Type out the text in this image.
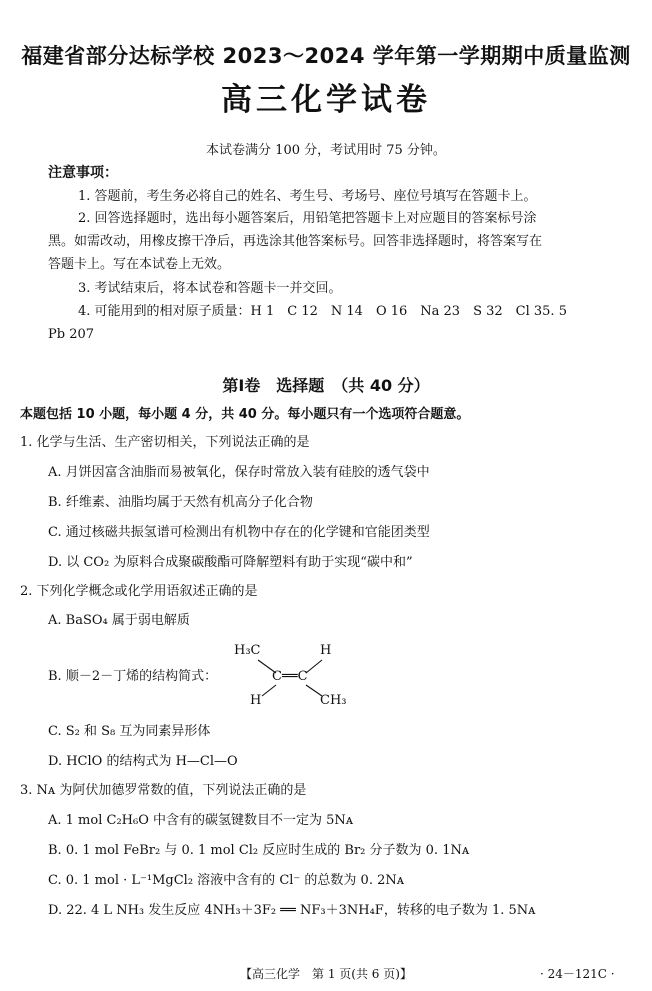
福建省部分达标学校 2023～2024 学年第一学期期中质量监测
高三化学试卷
本试卷满分 100 分，考试用时 75 分钟。
注意事项：
1. 答题前，考生务必将自己的姓名、考生号、考场号、座位号填写在答题卡上。
2. 回答选择题时，选出每小题答案后，用铅笔把答题卡上对应题目的答案标号涂
黑。如需改动，用橡皮擦干净后，再选涂其他答案标号。回答非选择题时，将答案写在
答题卡上。写在本试卷上无效。
3. 考试结束后，将本试卷和答题卡一并交回。
4. 可能用到的相对原子质量：H 1　C 12　N 14　O 16　Na 23　S 32　Cl 35. 5
Pb 207
第Ⅰ卷　选择题　（共 40 分）
本题包括 10 小题，每小题 4 分，共 40 分。每小题只有一个选项符合题意。
1. 化学与生活、生产密切相关，下列说法正确的是
A. 月饼因富含油脂而易被氧化，保存时常放入装有硅胶的透气袋中
B. 纤维素、油脂均属于天然有机高分子化合物
C. 通过核磁共振氢谱可检测出有机物中存在的化学键和官能团类型
D. 以 CO₂ 为原料合成聚碳酸酯可降解塑料有助于实现“碳中和”
2. 下列化学概念或化学用语叙述正确的是
A. BaSO₄ 属于弱电解质
B. 顺－2－丁烯的结构简式：
H₃C	H
C══C
H	CH₃
C. S₂ 和 S₈ 互为同素异形体
D. HClO 的结构式为 H—Cl—O
3. Nᴀ 为阿伏加德罗常数的值，下列说法正确的是
A. 1 mol C₂H₆O 中含有的碳氢键数目不一定为 5Nᴀ
B. 0. 1 mol FeBr₂ 与 0. 1 mol Cl₂ 反应时生成的 Br₂ 分子数为 0. 1Nᴀ
C. 0. 1 mol · L⁻¹MgCl₂ 溶液中含有的 Cl⁻ 的总数为 0. 2Nᴀ
D. 22. 4 L NH₃ 发生反应 4NH₃＋3F₂ ══ NF₃＋3NH₄F，转移的电子数为 1. 5Nᴀ
【高三化学　第 1 页(共 6 页)】	· 24－121C ·
